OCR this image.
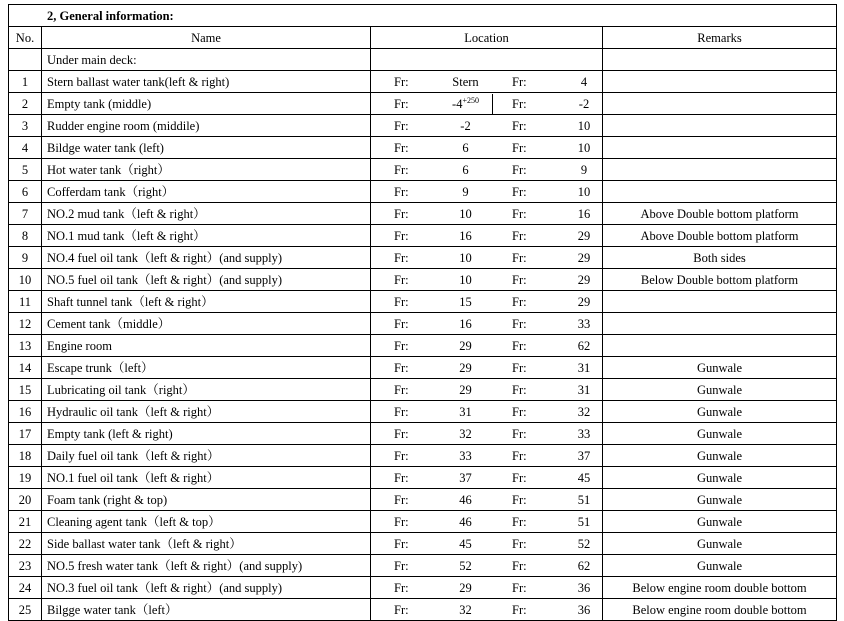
2, General information:			
No.	Name	Location	Remarks
	Under main deck:		
1	Stern ballast water tank(left & right)	Fr: Stern Fr: 4	

2	Empty tank (middle)	Fr: $-4^{+250}$ Fr: -2	

3	Rudder engine room (middile)	Fr: -2 Fr: 10	

4	Bildge water tank (left)	Fr: 6 Fr: 10	

5	Hot water tank（right）	Fr: 6 Fr: 9	

6	Cofferdam tank（right）	Fr: 9 Fr: 10	

7	NO.2 mud tank（left & right）	Fr: 10 Fr: 16	Above Double bottom platform
8	NO.1 mud tank（left & right）	Fr: 16 Fr: 29	Above Double bottom platform
9	NO.4 fuel oil tank（left & right）(and supply)	Fr: 10 Fr: 29	Both sides
10	NO.5 fuel oil tank（left & right）(and supply)	Fr: 10 Fr: 29	Below Double bottom platform
11	Shaft tunnel tank（left & right）	Fr: 15 Fr: 29	

12	Cement tank（middle）	Fr: 16 Fr: 33	

13	Engine room	Fr: 29 Fr: 62	

14	Escape trunk（left）	Fr: 29 Fr: 31	Gunwale
15	Lubricating oil tank（right）	Fr: 29 Fr: 31	Gunwale
16	Hydraulic oil tank（left & right）	Fr: 31 Fr: 32	Gunwale
17	Empty tank (left & right)	Fr: 32 Fr: 33	Gunwale
18	Daily fuel oil tank（left & right）	Fr: 33 Fr: 37	Gunwale
19	NO.1 fuel oil tank（left & right）	Fr: 37 Fr: 45	Gunwale
20	Foam tank (right & top)	Fr: 46 Fr: 51	Gunwale
21	Cleaning agent tank（left & top）	Fr: 46 Fr: 51	Gunwale
22	Side ballast water tank（left & right）	Fr: 45 Fr: 52	Gunwale
23	NO.5 fresh water tank（left & right）(and supply)	Fr: 52 Fr: 62	Gunwale
24	NO.3 fuel oil tank（left & right）(and supply)	Fr: 29 Fr: 36	Below engine room double bottom
25	Bilgge water tank（left）	Fr: 32 Fr: 36	Below engine room double bottom
